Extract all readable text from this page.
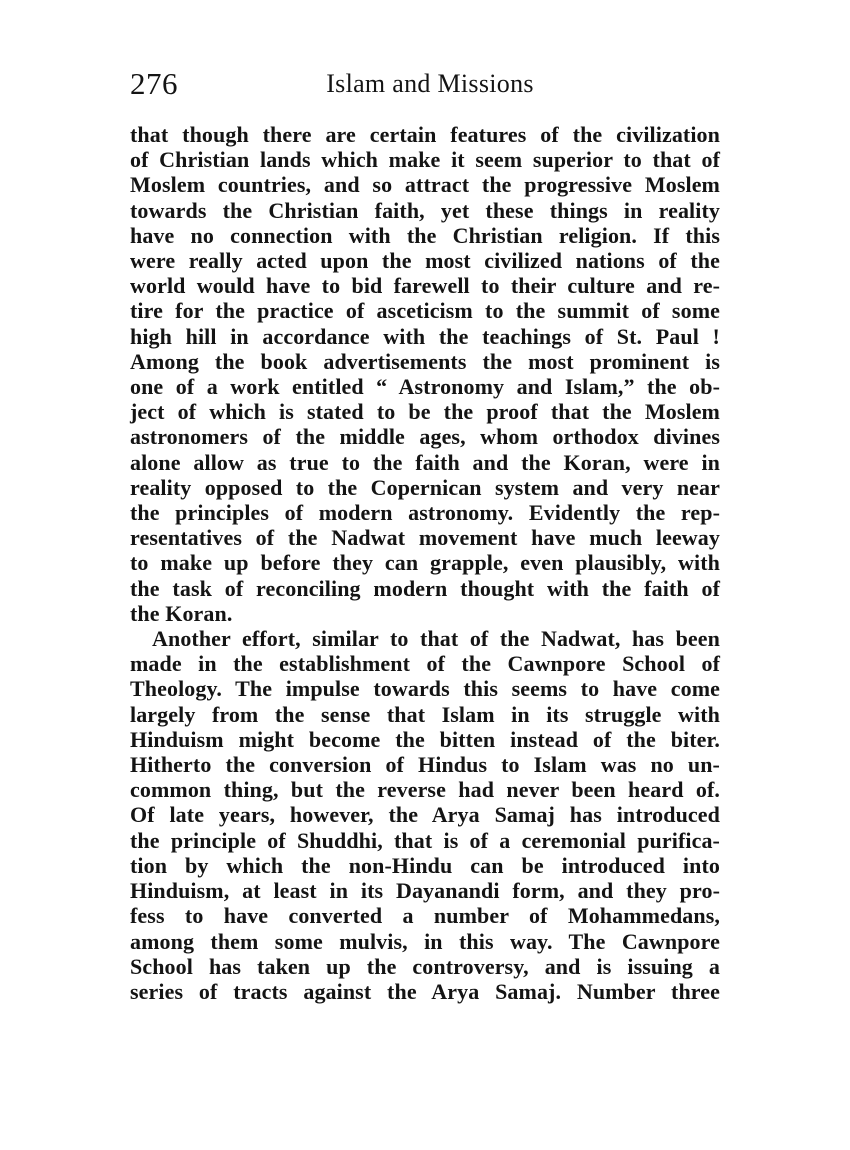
276	Islam and Missions
that though there are certain features of the civilization
of Christian lands which make it seem superior to that of
Moslem countries, and so attract the progressive Moslem
towards the Christian faith, yet these things in reality
have no connection with the Christian religion. If this
were really acted upon the most civilized nations of the
world would have to bid farewell to their culture and re-
tire for the practice of asceticism to the summit of some
high hill in accordance with the teachings of St. Paul !
Among the book advertisements the most prominent is
one of a work entitled “ Astronomy and Islam,” the ob-
ject of which is stated to be the proof that the Moslem
astronomers of the middle ages, whom orthodox divines
alone allow as true to the faith and the Koran, were in
reality opposed to the Copernican system and very near
the principles of modern astronomy. Evidently the rep-
resentatives of the Nadwat movement have much leeway
to make up before they can grapple, even plausibly, with
the task of reconciling modern thought with the faith of
the Koran.
Another effort, similar to that of the Nadwat, has been
made in the establishment of the Cawnpore School of
Theology. The impulse towards this seems to have come
largely from the sense that Islam in its struggle with
Hinduism might become the bitten instead of the biter.
Hitherto the conversion of Hindus to Islam was no un-
common thing, but the reverse had never been heard of.
Of late years, however, the Arya Samaj has introduced
the principle of Shuddhi, that is of a ceremonial purifica-
tion by which the non-Hindu can be introduced into
Hinduism, at least in its Dayanandi form, and they pro-
fess to have converted a number of Mohammedans,
among them some mulvis, in this way. The Cawnpore
School has taken up the controversy, and is issuing a
series of tracts against the Arya Samaj. Number three
